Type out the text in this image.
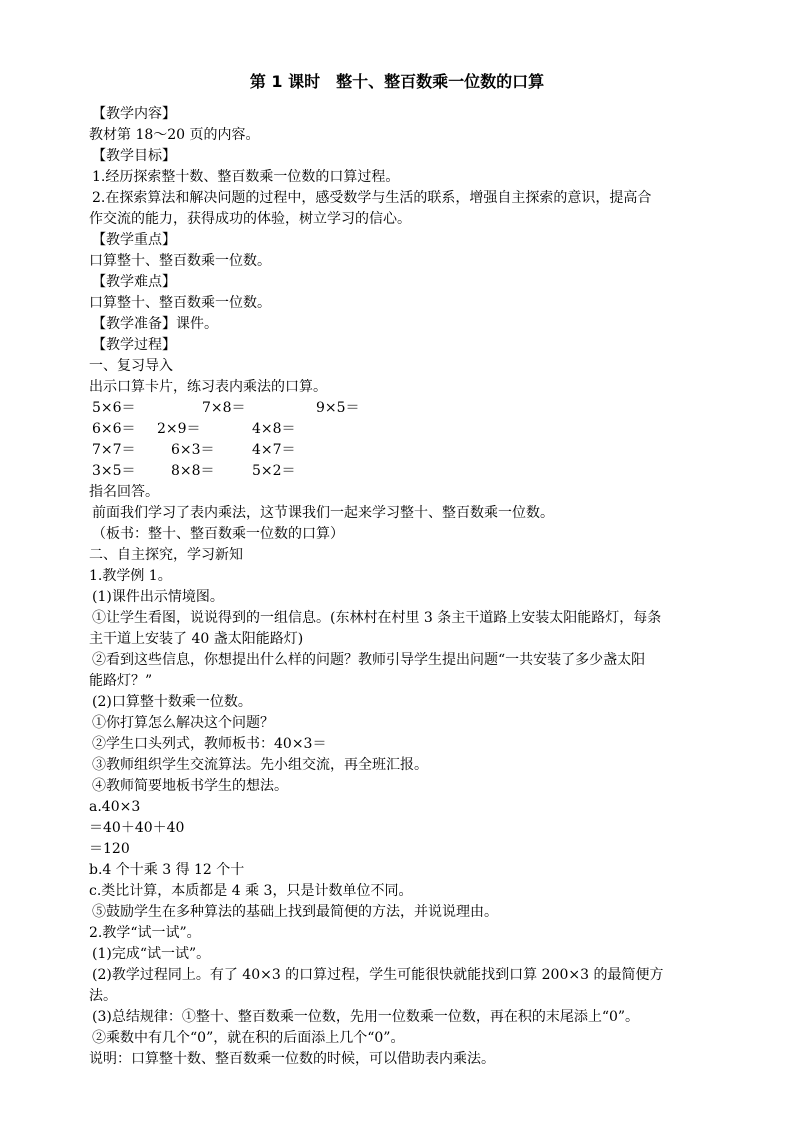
第 1 课时　整十、整百数乘一位数的口算
【教学内容】
教材第 18～20 页的内容。
【教学目标】
1.经历探索整十数、整百数乘一位数的口算过程。
2.在探索算法和解决问题的过程中，感受数学与生活的联系，增强自主探索的意识，提高合
作交流的能力，获得成功的体验，树立学习的信心。
【教学重点】
口算整十、整百数乘一位数。
【教学难点】
口算整十、整百数乘一位数。
【教学准备】课件。
【教学过程】
一、复习导入
出示口算卡片，练习表内乘法的口算。
5×6＝	7×8＝	9×5＝
6×6＝ 2×9＝	4×8＝
7×7＝	6×3＝	4×7＝
3×5＝	8×8＝	5×2＝
指名回答。
前面我们学习了表内乘法，这节课我们一起来学习整十、整百数乘一位数。
（板书：整十、整百数乘一位数的口算）
二、自主探究，学习新知
1.教学例 1。
(1)课件出示情境图。
①让学生看图，说说得到的一组信息。(东林村在村里 3 条主干道路上安装太阳能路灯，每条
主干道上安装了 40 盏太阳能路灯)
②看到这些信息，你想提出什么样的问题？教师引导学生提出问题“一共安装了多少盏太阳
能路灯？”
(2)口算整十数乘一位数。
①你打算怎么解决这个问题？
②学生口头列式，教师板书：40×3＝
③教师组织学生交流算法。先小组交流，再全班汇报。
④教师简要地板书学生的想法。
a.40×3
＝40＋40＋40
＝120
b.4 个十乘 3 得 12 个十
c.类比计算，本质都是 4 乘 3，只是计数单位不同。
⑤鼓励学生在多种算法的基础上找到最简便的方法，并说说理由。
2.教学“试一试”。
(1)完成“试一试”。
(2)教学过程同上。有了 40×3 的口算过程，学生可能很快就能找到口算 200×3 的最简便方
法。
(3)总结规律：①整十、整百数乘一位数，先用一位数乘一位数，再在积的末尾添上“0”。
②乘数中有几个“0”，就在积的后面添上几个“0”。
说明：口算整十数、整百数乘一位数的时候，可以借助表内乘法。
